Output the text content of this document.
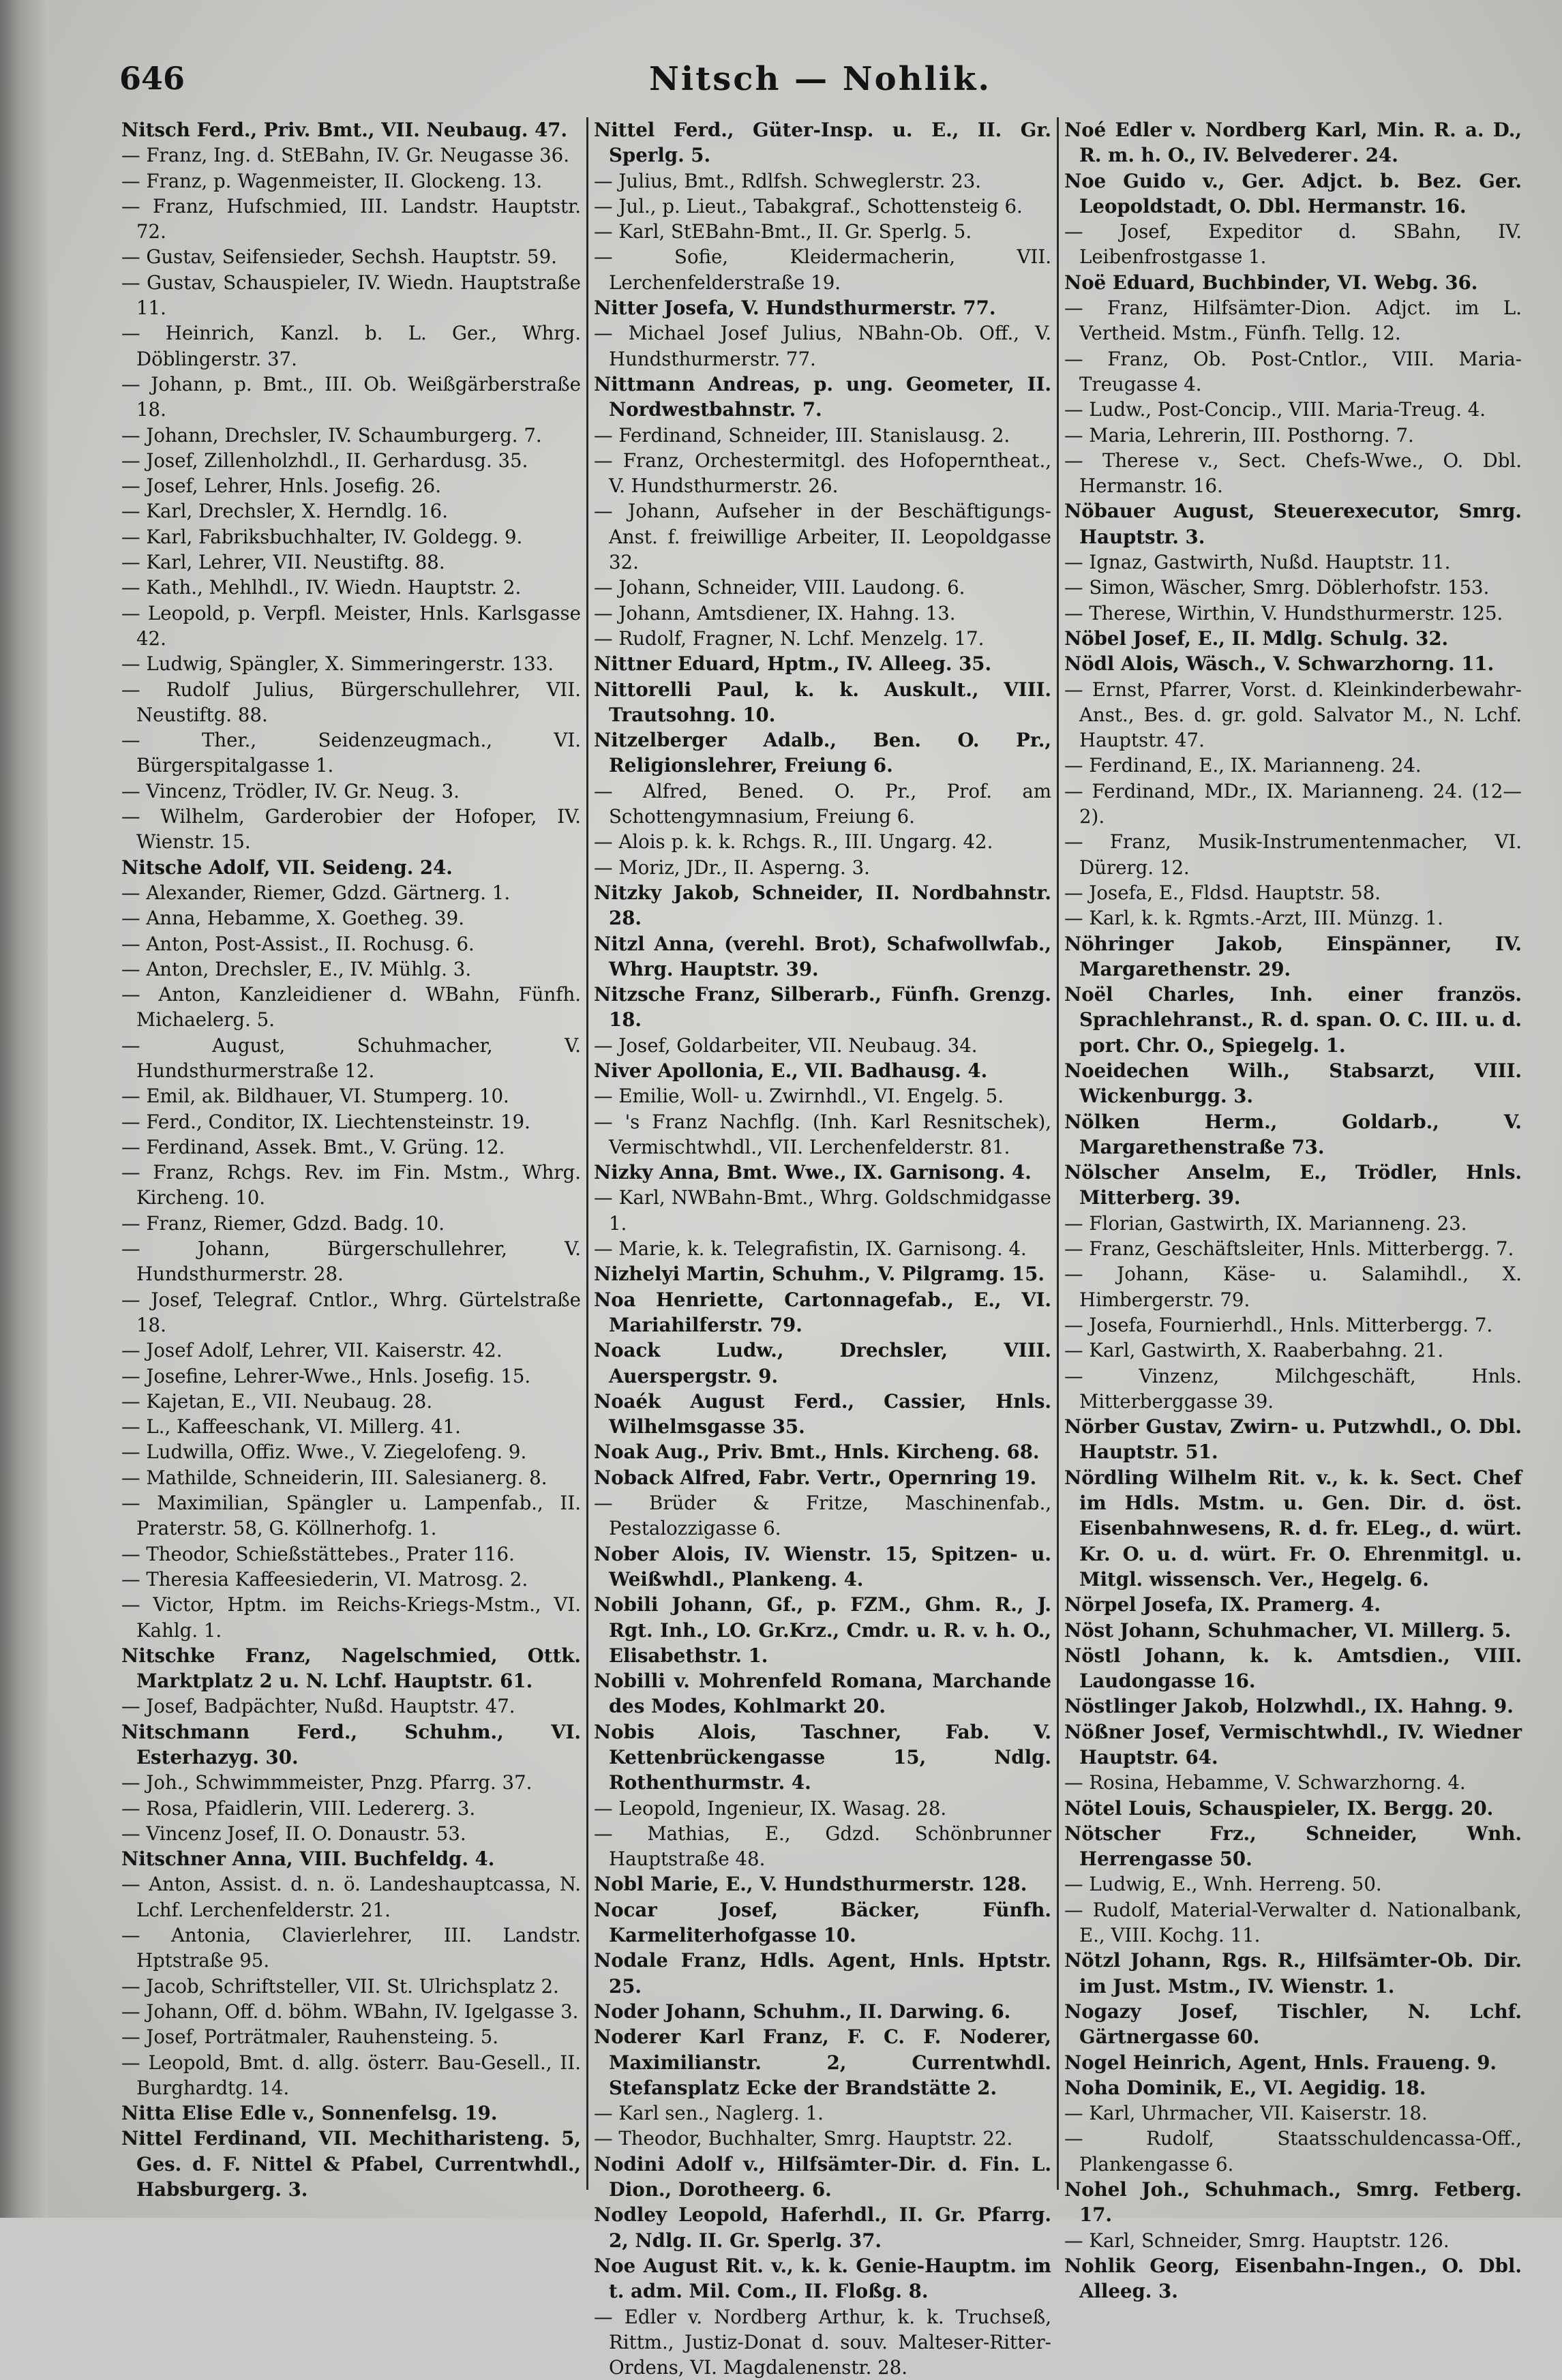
646	Nitsch — Nohlik.
Nitsch Ferd., Priv. Bmt., VII. Neubaug. 47.
— Franz, Ing. d. StEBahn, IV. Gr. Neugasse 36.
— Franz, p. Wagenmeister, II. Glockeng. 13.
— Franz, Hufschmied, III. Landstr. Hauptstr. 72.
— Gustav, Seifensieder, Sechsh. Hauptstr. 59.
— Gustav, Schauspieler, IV. Wiedn. Hauptstraße 11.
— Heinrich, Kanzl. b. L. Ger., Whrg. Döblingerstr. 37.
— Johann, p. Bmt., III. Ob. Weißgärberstraße 18.
— Johann, Drechsler, IV. Schaumburgerg. 7.
— Josef, Zillenholzhdl., II. Gerhardusg. 35.
— Josef, Lehrer, Hnls. Josefig. 26.
— Karl, Drechsler, X. Herndlg. 16.
— Karl, Fabriksbuchhalter, IV. Goldegg. 9.
— Karl, Lehrer, VII. Neustiftg. 88.
— Kath., Mehlhdl., IV. Wiedn. Hauptstr. 2.
— Leopold, p. Verpfl. Meister, Hnls. Karlsgasse 42.
— Ludwig, Spängler, X. Simmeringerstr. 133.
— Rudolf Julius, Bürgerschullehrer, VII. Neustiftg. 88.
— Ther., Seidenzeugmach., VI. Bürgerspitalgasse 1.
— Vincenz, Trödler, IV. Gr. Neug. 3.
— Wilhelm, Garderobier der Hofoper, IV. Wienstr. 15.
Nitsche Adolf, VII. Seideng. 24.
— Alexander, Riemer, Gdzd. Gärtnerg. 1.
— Anna, Hebamme, X. Goetheg. 39.
— Anton, Post-Assist., II. Rochusg. 6.
— Anton, Drechsler, E., IV. Mühlg. 3.
— Anton, Kanzleidiener d. WBahn, Fünfh. Michaelerg. 5.
— August, Schuhmacher, V. Hundsthurmerstraße 12.
— Emil, ak. Bildhauer, VI. Stumperg. 10.
— Ferd., Conditor, IX. Liechtensteinstr. 19.
— Ferdinand, Assek. Bmt., V. Grüng. 12.
— Franz, Rchgs. Rev. im Fin. Mstm., Whrg. Kircheng. 10.
— Franz, Riemer, Gdzd. Badg. 10.
— Johann, Bürgerschullehrer, V. Hundsthurmerstr. 28.
— Josef, Telegraf. Cntlor., Whrg. Gürtelstraße 18.
— Josef Adolf, Lehrer, VII. Kaiserstr. 42.
— Josefine, Lehrer-Wwe., Hnls. Josefig. 15.
— Kajetan, E., VII. Neubaug. 28.
— L., Kaffeeschank, VI. Millerg. 41.
— Ludwilla, Offiz. Wwe., V. Ziegelofeng. 9.
— Mathilde, Schneiderin, III. Salesianerg. 8.
— Maximilian, Spängler u. Lampenfab., II. Praterstr. 58, G. Köllnerhofg. 1.
— Theodor, Schießstättebes., Prater 116.
— Theresia Kaffeesiederin, VI. Matrosg. 2.
— Victor, Hptm. im Reichs-Kriegs-Mstm., VI. Kahlg. 1.
Nitschke Franz, Nagelschmied, Ottk. Marktplatz 2 u. N. Lchf. Hauptstr. 61.
— Josef, Badpächter, Nußd. Hauptstr. 47.
Nitschmann Ferd., Schuhm., VI. Esterhazyg. 30.
— Joh., Schwimmmeister, Pnzg. Pfarrg. 37.
— Rosa, Pfaidlerin, VIII. Ledererg. 3.
— Vincenz Josef, II. O. Donaustr. 53.
Nitschner Anna, VIII. Buchfeldg. 4.
— Anton, Assist. d. n. ö. Landeshauptcassa, N. Lchf. Lerchenfelderstr. 21.
— Antonia, Clavierlehrer, III. Landstr. Hptstraße 95.
— Jacob, Schriftsteller, VII. St. Ulrichsplatz 2.
— Johann, Off. d. böhm. WBahn, IV. Igelgasse 3.
— Josef, Porträtmaler, Rauhensteing. 5.
— Leopold, Bmt. d. allg. österr. Bau-Gesell., II. Burghardtg. 14.
Nitta Elise Edle v., Sonnenfelsg. 19.
Nittel Ferdinand, VII. Mechitharisteng. 5, Ges. d. F. Nittel & Pfabel, Currentwhdl., Habsburgerg. 3.
Nittel Ferd., Güter-Insp. u. E., II. Gr. Sperlg. 5.
— Julius, Bmt., Rdlfsh. Schweglerstr. 23.
— Jul., p. Lieut., Tabakgraf., Schottensteig 6.
— Karl, StEBahn-Bmt., II. Gr. Sperlg. 5.
— Sofie, Kleidermacherin, VII. Lerchenfelderstraße 19.
Nitter Josefa, V. Hundsthurmerstr. 77.
— Michael Josef Julius, NBahn-Ob. Off., V. Hundsthurmerstr. 77.
Nittmann Andreas, p. ung. Geometer, II. Nordwestbahnstr. 7.
— Ferdinand, Schneider, III. Stanislausg. 2.
— Franz, Orchestermitgl. des Hofoperntheat., V. Hundsthurmerstr. 26.
— Johann, Aufseher in der Beschäftigungs-Anst. f. freiwillige Arbeiter, II. Leopoldgasse 32.
— Johann, Schneider, VIII. Laudong. 6.
— Johann, Amtsdiener, IX. Hahng. 13.
— Rudolf, Fragner, N. Lchf. Menzelg. 17.
Nittner Eduard, Hptm., IV. Alleeg. 35.
Nittorelli Paul, k. k. Auskult., VIII. Trautsohng. 10.
Nitzelberger Adalb., Ben. O. Pr., Religionslehrer, Freiung 6.
— Alfred, Bened. O. Pr., Prof. am Schottengymnasium, Freiung 6.
— Alois p. k. k. Rchgs. R., III. Ungarg. 42.
— Moriz, JDr., II. Asperng. 3.
Nitzky Jakob, Schneider, II. Nordbahnstr. 28.
Nitzl Anna, (verehl. Brot), Schafwollwfab., Whrg. Hauptstr. 39.
Nitzsche Franz, Silberarb., Fünfh. Grenzg. 18.
— Josef, Goldarbeiter, VII. Neubaug. 34.
Niver Apollonia, E., VII. Badhausg. 4.
— Emilie, Woll- u. Zwirnhdl., VI. Engelg. 5.
— 's Franz Nachflg. (Inh. Karl Resnitschek), Vermischtwhdl., VII. Lerchenfelderstr. 81.
Nizky Anna, Bmt. Wwe., IX. Garnisong. 4.
— Karl, NWBahn-Bmt., Whrg. Goldschmidgasse 1.
— Marie, k. k. Telegrafistin, IX. Garnisong. 4.
Nizhelyi Martin, Schuhm., V. Pilgramg. 15.
Noa Henriette, Cartonnagefab., E., VI. Mariahilferstr. 79.
Noack Ludw., Drechsler, VIII. Auerspergstr. 9.
Noaék August Ferd., Cassier, Hnls. Wilhelmsgasse 35.
Noak Aug., Priv. Bmt., Hnls. Kircheng. 68.
Noback Alfred, Fabr. Vertr., Opernring 19.
— Brüder & Fritze, Maschinenfab., Pestalozzigasse 6.
Nober Alois, IV. Wienstr. 15, Spitzen- u. Weißwhdl., Plankeng. 4.
Nobili Johann, Gf., p. FZM., Ghm. R., J. Rgt. Inh., LO. Gr.Krz., Cmdr. u. R. v. h. O., Elisabethstr. 1.
Nobilli v. Mohrenfeld Romana, Marchande des Modes, Kohlmarkt 20.
Nobis Alois, Taschner, Fab. V. Kettenbrückengasse 15, Ndlg. Rothenthurmstr. 4.
— Leopold, Ingenieur, IX. Wasag. 28.
— Mathias, E., Gdzd. Schönbrunner Hauptstraße 48.
Nobl Marie, E., V. Hundsthurmerstr. 128.
Nocar Josef, Bäcker, Fünfh. Karmeliterhofgasse 10.
Nodale Franz, Hdls. Agent, Hnls. Hptstr. 25.
Noder Johann, Schuhm., II. Darwing. 6.
Noderer Karl Franz, F. C. F. Noderer, Maximilianstr. 2, Currentwhdl. Stefansplatz Ecke der Brandstätte 2.
— Karl sen., Naglerg. 1.
— Theodor, Buchhalter, Smrg. Hauptstr. 22.
Nodini Adolf v., Hilfsämter-Dir. d. Fin. L. Dion., Dorotheerg. 6.
Nodley Leopold, Haferhdl., II. Gr. Pfarrg. 2, Ndlg. II. Gr. Sperlg. 37.
Noe August Rit. v., k. k. Genie-Hauptm. im t. adm. Mil. Com., II. Floßg. 8.
— Edler v. Nordberg Arthur, k. k. Truchseß, Rittm., Justiz-Donat d. souv. Malteser-Ritter-Ordens, VI. Magdalenenstr. 28.
Noé Edler v. Nordberg Karl, Min. R. a. D., R. m. h. O., IV. Belvederег. 24.
Noe Guido v., Ger. Adjct. b. Bez. Ger. Leopoldstadt, O. Dbl. Hermanstr. 16.
— Josef, Expeditor d. SBahn, IV. Leibenfrostgasse 1.
Noë Eduard, Buchbinder, VI. Webg. 36.
— Franz, Hilfsämter-Dion. Adjct. im L. Vertheid. Mstm., Fünfh. Tellg. 12.
— Franz, Ob. Post-Cntlor., VIII. Maria-Treugasse 4.
— Ludw., Post-Concip., VIII. Maria-Treug. 4.
— Maria, Lehrerin, III. Posthorng. 7.
— Therese v., Sect. Chefs-Wwe., O. Dbl. Hermanstr. 16.
Nöbauer August, Steuerexecutor, Smrg. Hauptstr. 3.
— Ignaz, Gastwirth, Nußd. Hauptstr. 11.
— Simon, Wäscher, Smrg. Döblerhofstr. 153.
— Therese, Wirthin, V. Hundsthurmerstr. 125.
Nöbel Josef, E., II. Mdlg. Schulg. 32.
Nödl Alois, Wäsch., V. Schwarzhorng. 11.
— Ernst, Pfarrer, Vorst. d. Kleinkinderbewahr-Anst., Bes. d. gr. gold. Salvator M., N. Lchf. Hauptstr. 47.
— Ferdinand, E., IX. Marianneng. 24.
— Ferdinand, MDr., IX. Marianneng. 24. (12—2).
— Franz, Musik-Instrumentenmacher, VI. Dürerg. 12.
— Josefa, E., Fldsd. Hauptstr. 58.
— Karl, k. k. Rgmts.-Arzt, III. Münzg. 1.
Nöhringer Jakob, Einspänner, IV. Margarethenstr. 29.
Noël Charles, Inh. einer französ. Sprachlehranst., R. d. span. O. C. III. u. d. port. Chr. O., Spiegelg. 1.
Noeidechen Wilh., Stabsarzt, VIII. Wickenburgg. 3.
Nölken Herm., Goldarb., V. Margarethenstraße 73.
Nölscher Anselm, E., Trödler, Hnls. Mitterberg. 39.
— Florian, Gastwirth, IX. Marianneng. 23.
— Franz, Geschäftsleiter, Hnls. Mitterbergg. 7.
— Johann, Käse- u. Salamihdl., X. Himbergerstr. 79.
— Josefa, Fournierhdl., Hnls. Mitterbergg. 7.
— Karl, Gastwirth, X. Raaberbahng. 21.
— Vinzenz, Milchgeschäft, Hnls. Mitterberggasse 39.
Nörber Gustav, Zwirn- u. Putzwhdl., O. Dbl. Hauptstr. 51.
Nördling Wilhelm Rit. v., k. k. Sect. Chef im Hdls. Mstm. u. Gen. Dir. d. öst. Eisenbahnwesens, R. d. fr. ELeg., d. würt. Kr. O. u. d. würt. Fr. O. Ehrenmitgl. u. Mitgl. wissensch. Ver., Hegelg. 6.
Nörpel Josefa, IX. Pramerg. 4.
Nöst Johann, Schuhmacher, VI. Millerg. 5.
Nöstl Johann, k. k. Amtsdien., VIII. Laudongasse 16.
Nöstlinger Jakob, Holzwhdl., IX. Hahng. 9.
Nößner Josef, Vermischtwhdl., IV. Wiedner Hauptstr. 64.
— Rosina, Hebamme, V. Schwarzhorng. 4.
Nötel Louis, Schauspieler, IX. Bergg. 20.
Nötscher Frz., Schneider, Wnh. Herrengasse 50.
— Ludwig, E., Wnh. Herreng. 50.
— Rudolf, Material-Verwalter d. Nationalbank, E., VIII. Kochg. 11.
Nötzl Johann, Rgs. R., Hilfsämter-Ob. Dir. im Just. Mstm., IV. Wienstr. 1.
Nogazy Josef, Tischler, N. Lchf. Gärtnergasse 60.
Nogel Heinrich, Agent, Hnls. Fraueng. 9.
Noha Dominik, E., VI. Aegidig. 18.
— Karl, Uhrmacher, VII. Kaiserstr. 18.
— Rudolf, Staatsschuldencassa-Off., Plankengasse 6.
Nohel Joh., Schuhmach., Smrg. Fetberg. 17.
— Karl, Schneider, Smrg. Hauptstr. 126.
Nohlik Georg, Eisenbahn-Ingen., O. Dbl. Alleeg. 3.
